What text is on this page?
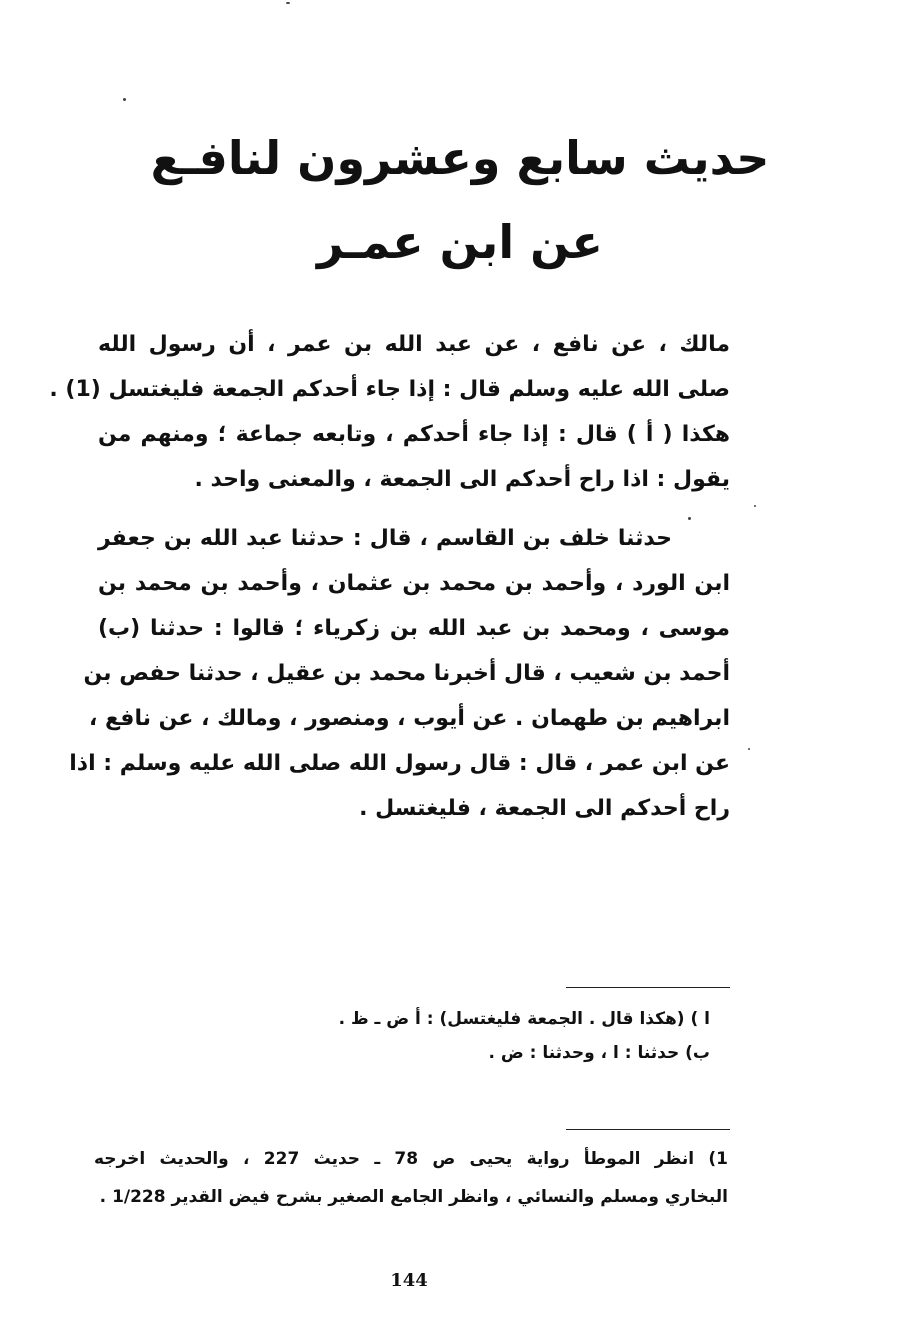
حديث سابع وعشرون لنافـع
عن ابن عمـر
مالك ، عن نافع ، عن عبد الله بن عمر ، أن رسول الله
صلى الله عليه وسلم قال : إذا جاء أحدكم الجمعة فليغتسل (1) .
هكذا ( أ ) قال : إذا جاء أحدكم ، وتابعه جماعة ؛ ومنهم من
يقول : اذا راح أحدكم الى الجمعة ، والمعنى واحد .
حدثنا خلف بن القاسم ، قال : حدثنا عبد الله بن جعفر
ابن الورد ، وأحمد بن محمد بن عثمان ، وأحمد بن محمد بن
موسى ، ومحمد بن عبد الله بن زكرياء ؛ قالوا : حدثنا (ب)
أحمد بن شعيب ، قال أخبرنا محمد بن عقيل ، حدثنا حفص بن
ابراهيم بن طهمان . عن أيوب ، ومنصور ، ومالك ، عن نافع ،
عن ابن عمر ، قال : قال رسول الله صلى الله عليه وسلم : اذا
راح أحدكم الى الجمعة ، فليغتسل .
ا ) (هكذا قال . الجمعة فليغتسل) : أ ض ـ ظ .
ب) حدثنا : ا ، وحدثنا : ض .
1) انظر الموطأ رواية يحيى ص 78 ـ حديث 227 ، والحديث اخرجه
البخاري ومسلم والنسائي ، وانظر الجامع الصغير بشرح فيض القدير 1/228 .
144
